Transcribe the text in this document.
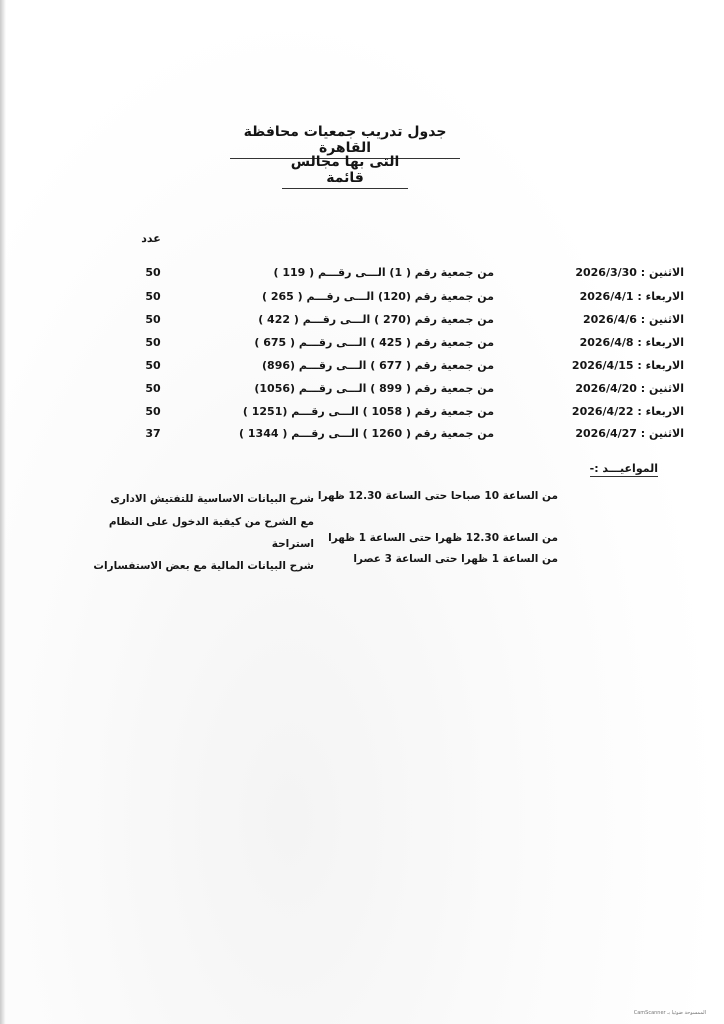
جدول تدريب جمعيات محافظة القاهرة
التى بها مجالس قائمة
عدد
الاثنين : 2026/3/30
من جمعية رقم ( 1) الـــى رقـــم ( 119 )
50
الاربعاء : 2026/4/1
من جمعية رقم (120) الـــى رقـــم ( 265 )
50
الاثنين : 2026/4/6
من جمعية رقم (270 ) الـــى رقـــم ( 422 )
50
الاربعاء : 2026/4/8
من جمعية رقم ( 425 ) الـــى رقـــم ( 675 )
50
الاربعاء : 2026/4/15
من جمعية رقم ( 677 ) الـــى رقـــم (896)
50
الاثنين : 2026/4/20
من جمعية رقم ( 899 ) الـــى رقـــم (1056)
50
الاربعاء : 2026/4/22
من جمعية رقم ( 1058 ) الـــى رقـــم (1251 )
50
الاثنين : 2026/4/27
من جمعية رقم ( 1260 ) الـــى رقـــم ( 1344 )
37
المواعيـــد :-
من الساعة 10 صباحا حتى الساعة 12.30 ظهرا
شرح البيانات الاساسية للتفتيش الادارى
مع الشرح من كيفية الدخول على النظام
من الساعة 12.30 ظهرا حتى الساعة 1 ظهرا
استراحة
من الساعة 1 ظهرا حتى الساعة 3 عصرا
شرح البيانات المالية مع بعض الاستفسارات
الممسوحة ضوئيا بـ CamScanner
